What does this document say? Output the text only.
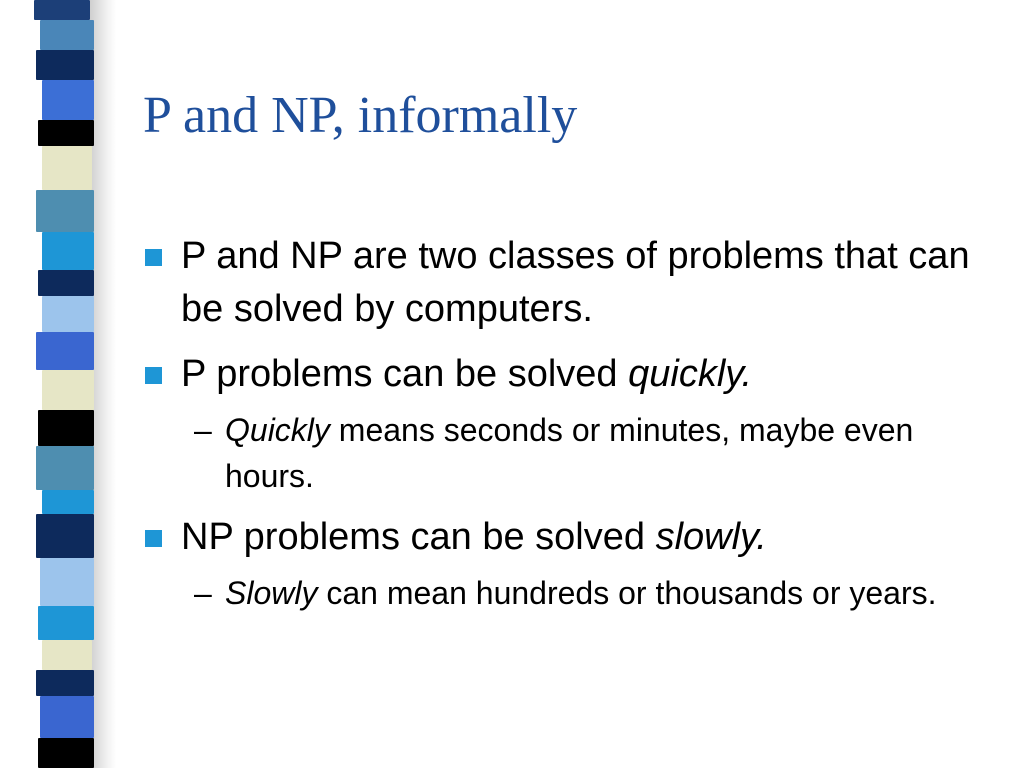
P and NP, informally
P and NP are two classes of problems that can be solved by computers.
P problems can be solved quickly.
– Quickly means seconds or minutes, maybe even hours.
NP problems can be solved slowly.
– Slowly can mean hundreds or thousands or years.
